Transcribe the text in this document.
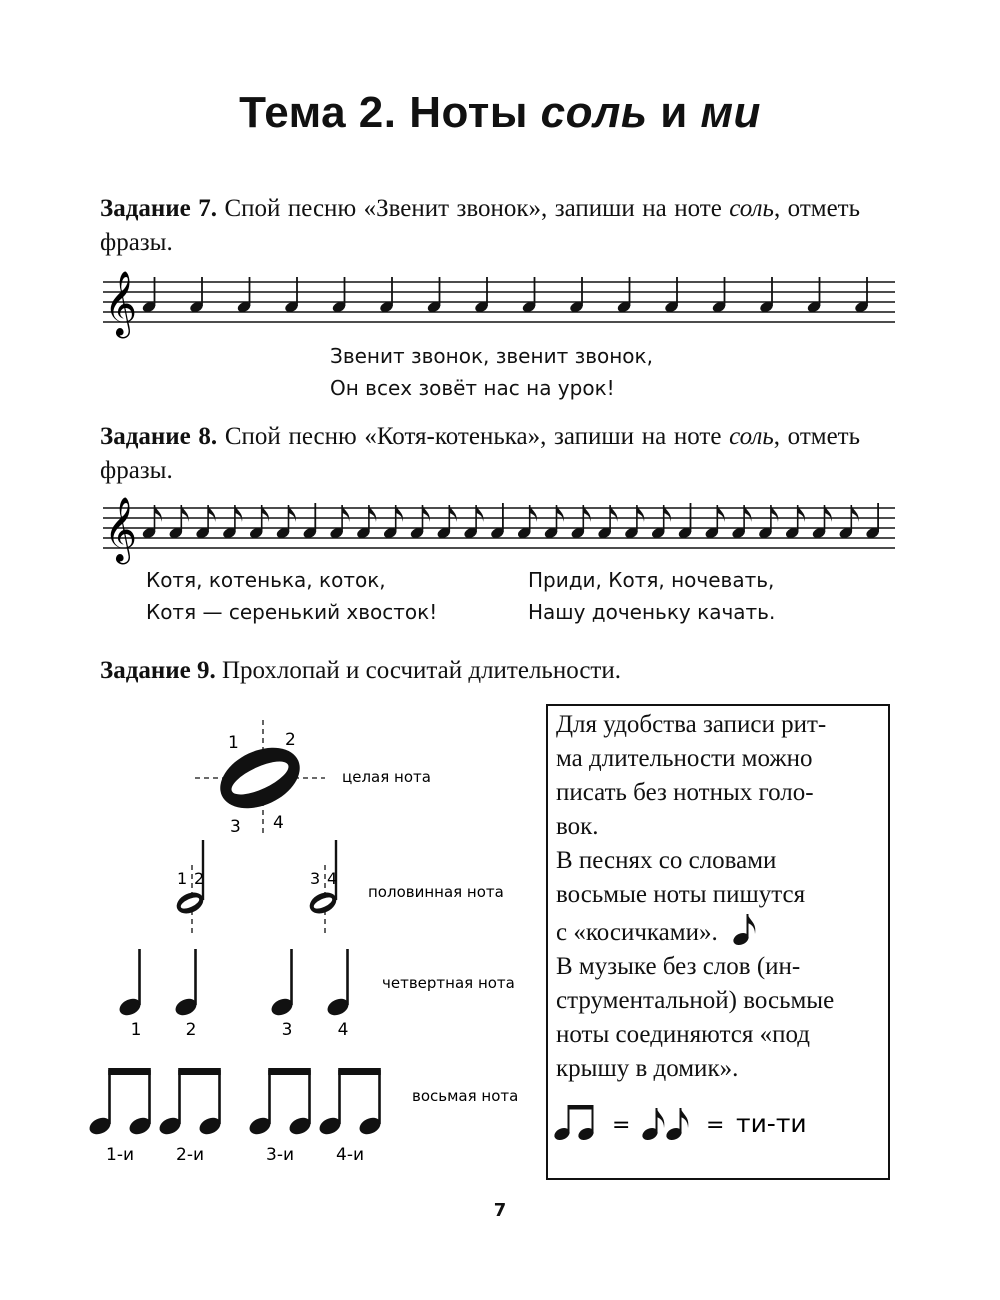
Тема 2. Ноты соль и ми
Задание 7. Спой песню «Звенит звонок», запиши на ноте соль, отметь фразы.
𝄞
𝄞
Звенит звонок, звенит звонок,
Он всех зовёт нас на урок!
Задание 8. Спой песню «Котя-котенька», запиши на ноте соль, отметь фразы.
Котя, котенька, коток,
Котя — серенький хвосток!
Приди, Котя, ночевать,
Нашу доченьку качать.
Задание 9. Прохлопай и сосчитай длительности.
1	2
3 4
целая нота
1 2	3 4
половинная нота
четвертная нота
1	2	3	4
восьмая нота
1-и 2-и	3-и 4-и

Для удобства записи рит-

ма длительности можно

писать без нотных голо-

вок.

В песнях со словами

восьмые ноты пишутся

с «косичками».

В музыке без слов (ин-

струментальной) восьмые

ноты соединяются «под

крышу в домик».

=	= ти-ти
7
